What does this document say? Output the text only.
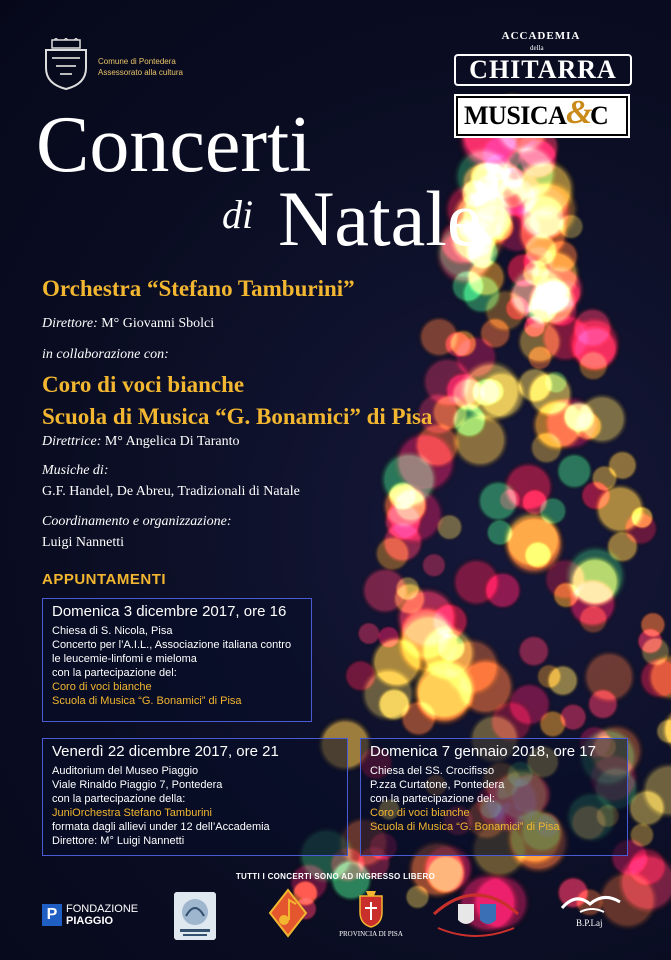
Comune di Pontedera
Assessorato alla cultura
ACCADEMIA
della
CHITARRA
MUSICA &
C
Concerti
di Natale
Orchestra “Stefano Tamburini”
Direttore: M° Giovanni Sbolci
in collaborazione con:
Coro di voci bianche
Scuola di Musica “G. Bonamici” di Pisa
Direttrice: M° Angelica Di Taranto
Musiche di:
G.F. Handel, De Abreu, Tradizionali di Natale
Coordinamento e organizzazione:
Luigi Nannetti
APPUNTAMENTI
Domenica 3 dicembre 2017, ore 16
Chiesa di S. Nicola, Pisa
Concerto per l’A.I.L., Associazione italiana contro
le leucemie-linfomi e mieloma
con la partecipazione del:
Coro di voci bianche
Scuola di Musica “G. Bonamici” di Pisa
Venerdì 22 dicembre 2017, ore 21
Auditorium del Museo Piaggio
Viale Rinaldo Piaggio 7, Pontedera
con la partecipazione della:
JuniOrchestra Stefano Tamburini
formata dagli allievi under 12 dell’Accademia
Direttore: M° Luigi Nannetti
Domenica 7 gennaio 2018, ore 17
Chiesa del SS. Crocifisso
P.zza Curtatone, Pontedera
con la partecipazione del:
Coro di voci bianche
Scuola di Musica “G. Bonamici” di Pisa
TUTTI I CONCERTI SONO AD INGRESSO LIBERO
P FONDAZIONE
PIAGGIO
PROVINCIA DI PISA
B.P.Laj
